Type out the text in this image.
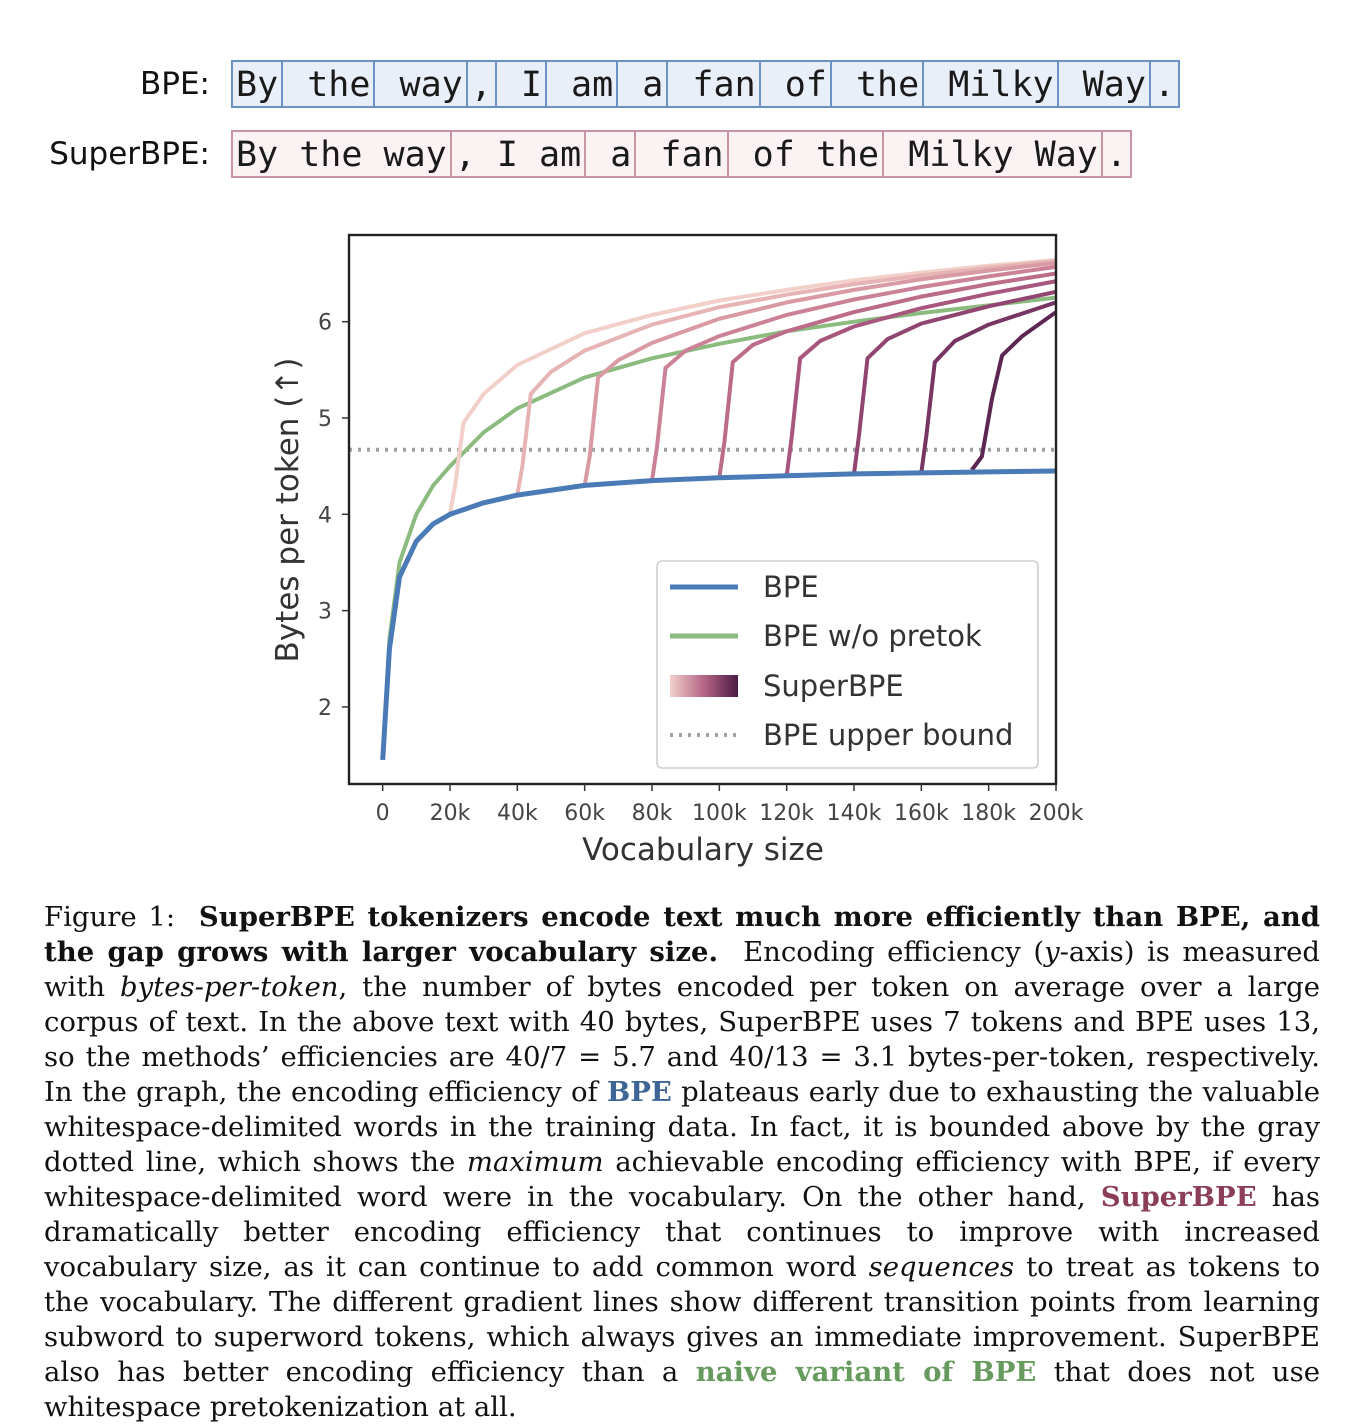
BPE: By the way , I am a fan of the Milky Way .
SuperBPE: By the way , I am a fan of the Milky Way .
0 20k 40k 60k 80k 100k 120k 140k 160k 180k 200k
2
3
4
5
6
Vocabulary size
Bytes per token (↑)	BPE
BPE w/o pretok
SuperBPE
BPE upper bound
Figure 1: SuperBPE tokenizers encode text much more efficiently than BPE, and the gap grows with larger vocabulary size. Encoding efficiency (y-axis) is measured with bytes-per-token, the number of bytes encoded per token on average over a large corpus of text. In the above text with 40 bytes, SuperBPE uses 7 tokens and BPE uses 13, so the methods’ efficiencies are 40/7 = 5.7 and 40/13 = 3.1 bytes-per-token, respectively. In the graph, the encoding efficiency of BPE plateaus early due to exhausting the valuable whitespace-delimited words in the training data. In fact, it is bounded above by the gray dotted line, which shows the maximum achievable encoding efficiency with BPE, if every whitespace-delimited word were in the vocabulary. On the other hand, SuperBPE has dramatically better encoding efficiency that continues to improve with increased vocabulary size, as it can continue to add common word sequences to treat as tokens to the vocabulary. The different gradient lines show different transition points from learning subword to superword tokens, which always gives an immediate improvement. SuperBPE also has better encoding efficiency than a naive variant of BPE that does not use whitespace pretokenization at all.
